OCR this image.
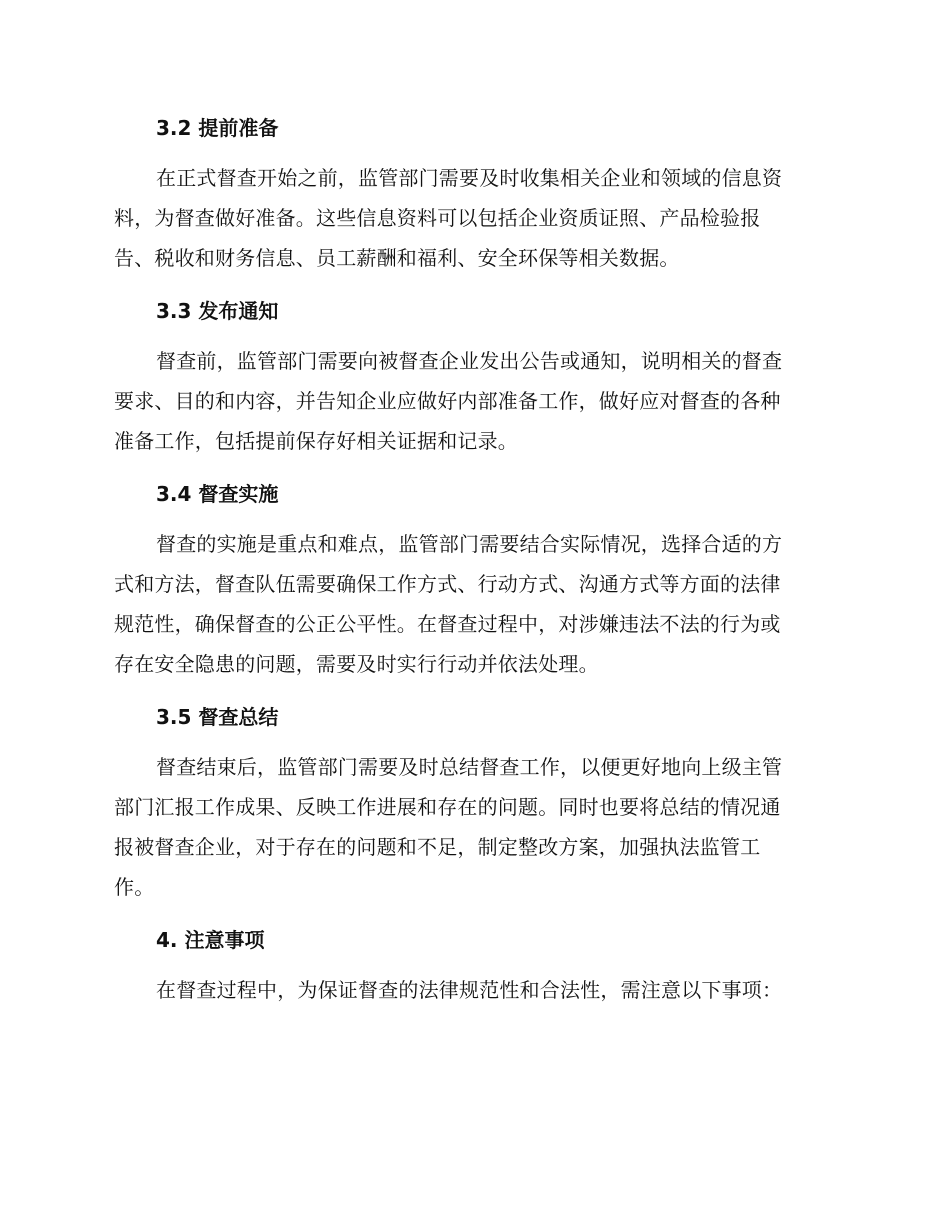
3.2 提前准备
在正式督查开始之前，监管部门需要及时收集相关企业和领域的信息资
料，为督查做好准备。这些信息资料可以包括企业资质证照、产品检验报
告、税收和财务信息、员工薪酬和福利、安全环保等相关数据。
3.3 发布通知
督查前，监管部门需要向被督查企业发出公告或通知，说明相关的督查
要求、目的和内容，并告知企业应做好内部准备工作，做好应对督查的各种
准备工作，包括提前保存好相关证据和记录。
3.4 督查实施
督查的实施是重点和难点，监管部门需要结合实际情况，选择合适的方
式和方法，督查队伍需要确保工作方式、行动方式、沟通方式等方面的法律
规范性，确保督查的公正公平性。在督查过程中，对涉嫌违法不法的行为或
存在安全隐患的问题，需要及时实行行动并依法处理。
3.5 督查总结
督查结束后，监管部门需要及时总结督查工作，以便更好地向上级主管
部门汇报工作成果、反映工作进展和存在的问题。同时也要将总结的情况通
报被督查企业，对于存在的问题和不足，制定整改方案，加强执法监管工
作。
4. 注意事项
在督查过程中，为保证督查的法律规范性和合法性，需注意以下事项：
